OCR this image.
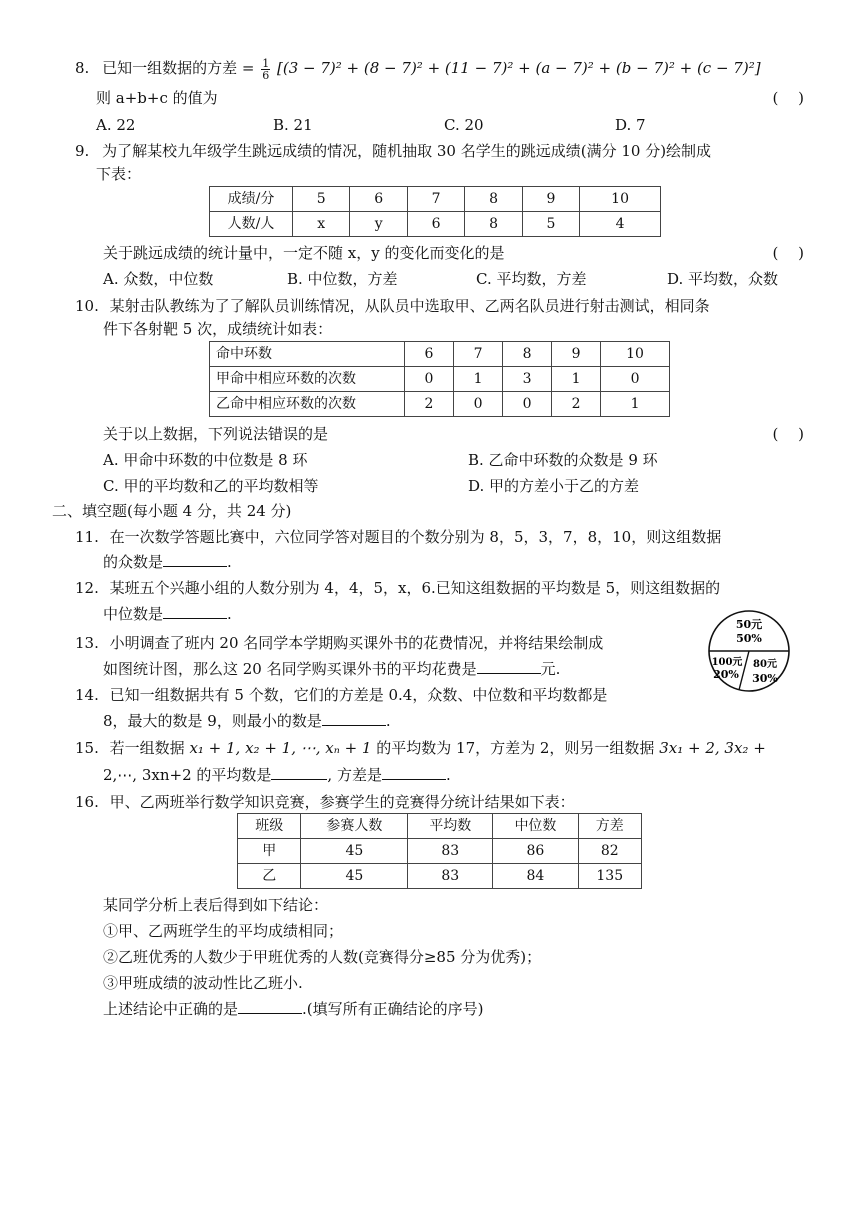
8. 已知一组数据的方差 = $\frac{1}{6} [(3 - 7)^2 + (8 - 7)^2 + (11 - 7)^2 + (a - 7)^2 + (b - 7)^2 + (c - 7)^2]$
则 a+b+c 的值为	(　 )
A. 22	B. 21	C. 20	D. 7
9. 为了解某校九年级学生跳远成绩的情况，随机抽取 30 名学生的跳远成绩(满分 10 分)绘制成
下表：
成绩/分	5	6	7	8	9	10
人数/人	x	y	6	8	5	4
关于跳远成绩的统计量中，一定不随 x，y 的变化而变化的是	(　 )
A. 众数，中位数	B. 中位数，方差	C. 平均数，方差	D. 平均数，众数
10. 某射击队教练为了了解队员训练情况，从队员中选取甲、乙两名队员进行射击测试，相同条
件下各射靶 5 次，成绩统计如表：
命中环数	6	7	8	9	10
甲命中相应环数的次数	0	1	3	1	0
乙命中相应环数的次数	2	0	0	2	1
关于以上数据，下列说法错误的是	(　 )
A. 甲命中环数的中位数是 8 环	B. 乙命中环数的众数是 9 环
C. 甲的平均数和乙的平均数相等	D. 甲的方差小于乙的方差
二、填空题(每小题 4 分，共 24 分)
11. 在一次数学答题比赛中，六位同学答对题目的个数分别为 8，5，3，7，8，10，则这组数据
的众数是	.
12. 某班五个兴趣小组的人数分别为 4，4，5，x，6.已知这组数据的平均数是 5，则这组数据的
中位数是	.
13. 小明调查了班内 20 名同学本学期购买课外书的花费情况，并将结果绘制成
如图统计图，那么这 20 名同学购买课外书的平均花费是	元.
50元
50%
100元
20%
80元
30%
14. 已知一组数据共有 5 个数，它们的方差是 0.4，众数、中位数和平均数都是
8，最大的数是 9，则最小的数是	.
15. 若一组数据 x₁ + 1, x₂ + 1, ⋯, xₙ + 1 的平均数为 17，方差为 2，则另一组数据 3x₁ + 2, 3x₂ +
2,⋯, 3xn+2 的平均数是	, 方差是	.
16. 甲、乙两班举行数学知识竞赛，参赛学生的竞赛得分统计结果如下表：
班级	参赛人数	平均数	中位数	方差
甲	45	83	86	82
乙	45	83	84	135
某同学分析上表后得到如下结论：
①甲、乙两班学生的平均成绩相同；
②乙班优秀的人数少于甲班优秀的人数(竞赛得分≥85 分为优秀)；
③甲班成绩的波动性比乙班小.
上述结论中正确的是	.(填写所有正确结论的序号)
